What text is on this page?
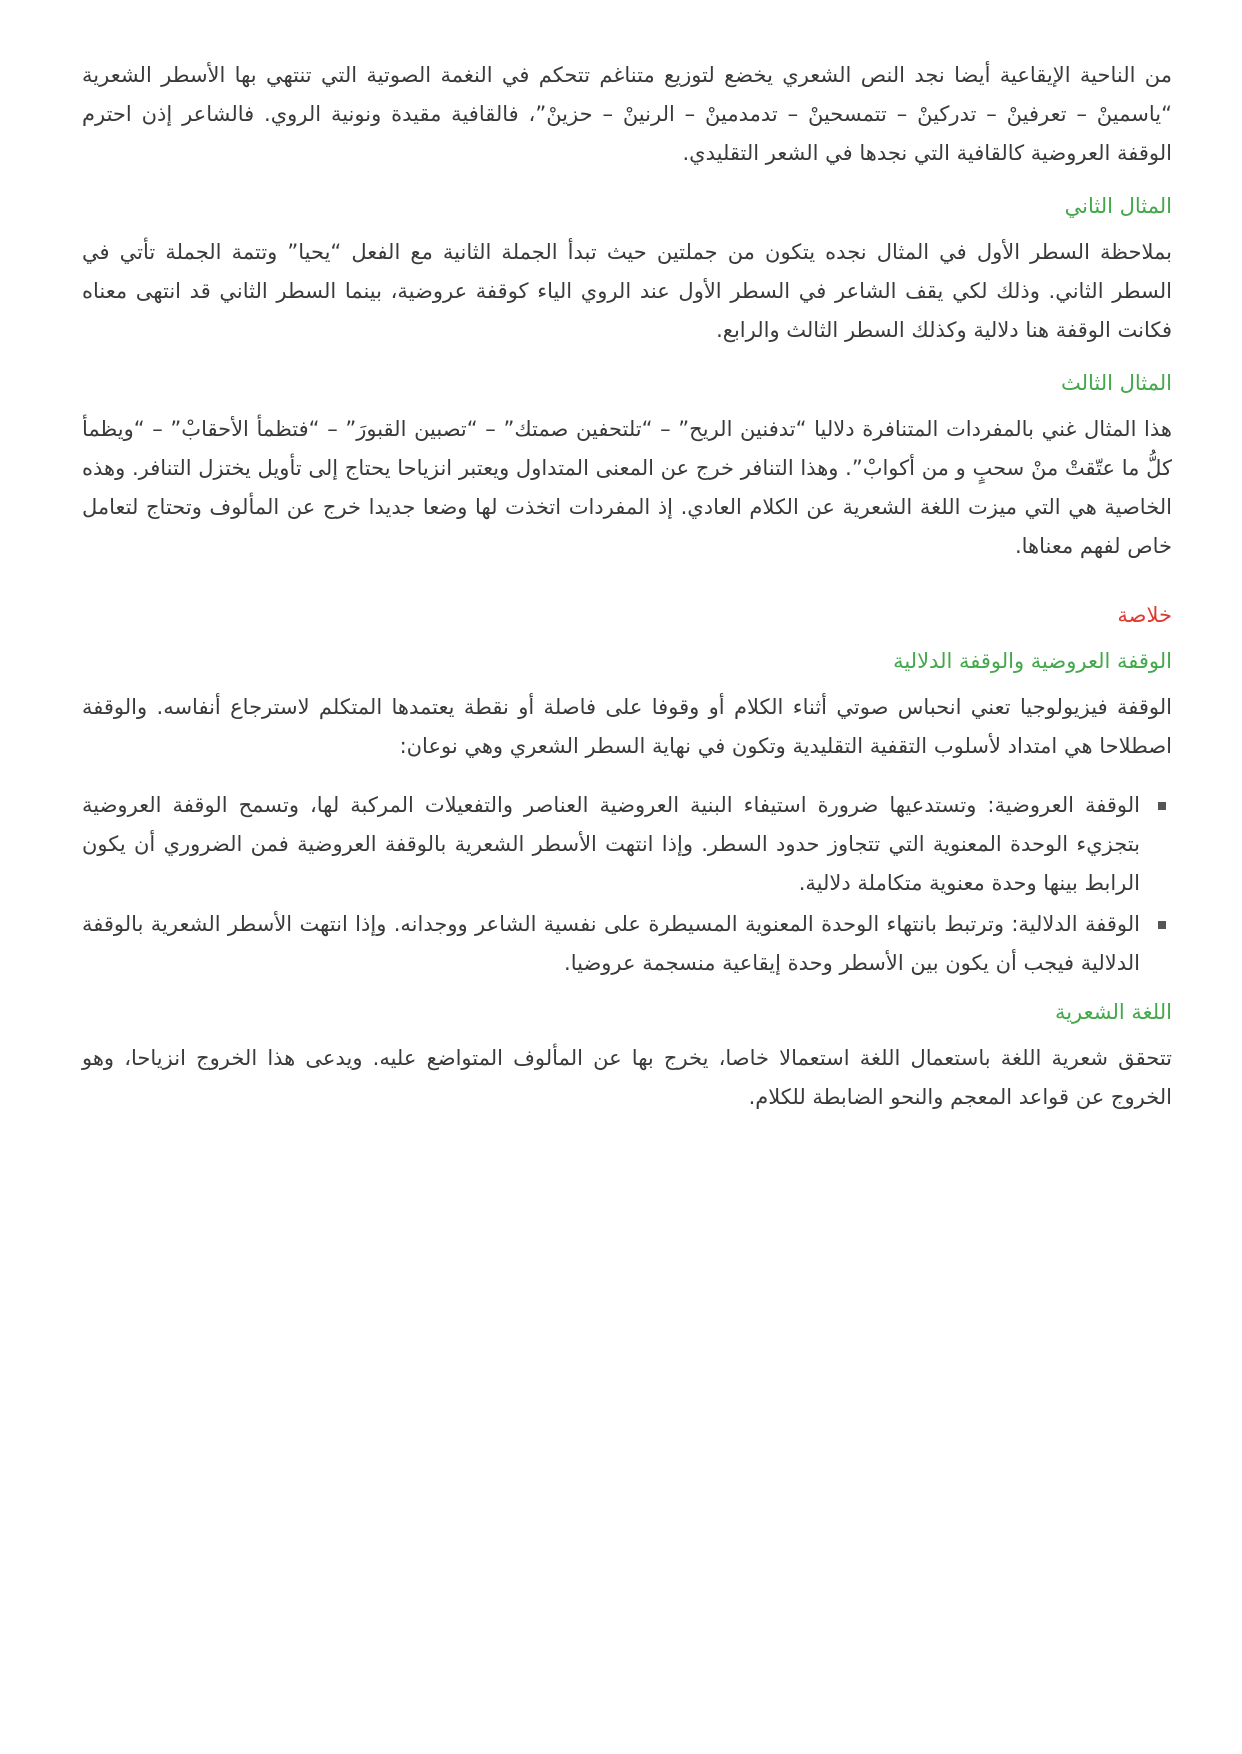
من الناحية الإيقاعية أيضا نجد النص الشعري يخضع لتوزيع متناغم تتحكم في النغمة الصوتية التي تنتهي بها الأسطر الشعرية “ياسمينْ – تعرفينْ – تدركينْ – تتمسحينْ – تدمدمينْ – الرنينْ – حزينْ”، فالقافية مقيدة ونونية الروي. فالشاعر إذن احترم الوقفة العروضية كالقافية التي نجدها في الشعر التقليدي.

المثال الثاني

بملاحظة السطر الأول في المثال نجده يتكون من جملتين حيث تبدأ الجملة الثانية مع الفعل “يحيا” وتتمة الجملة تأتي في السطر الثاني. وذلك لكي يقف الشاعر في السطر الأول عند الروي الياء كوقفة عروضية، بينما السطر الثاني قد انتهى معناه فكانت الوقفة هنا دلالية وكذلك السطر الثالث والرابع.

المثال الثالث

هذا المثال غني بالمفردات المتنافرة دلاليا “تدفنين الريح” – “تلتحفين صمتك” – “تصبين القبورَ” – “فتظمأ الأحقابْ” – “ويظمأ كلُّ ما عتّقتْ منْ سحبٍ و من أكوابْ”. وهذا التنافر خرج عن المعنى المتداول ويعتبر انزياحا يحتاج إلى تأويل يختزل التنافر. وهذه الخاصية هي التي ميزت اللغة الشعرية عن الكلام العادي. إذ المفردات اتخذت لها وضعا جديدا خرج عن المألوف وتحتاج لتعامل خاص لفهم معناها.

خلاصة
الوقفة العروضية والوقفة الدلالية

الوقفة فيزيولوجيا تعني انحباس صوتي أثناء الكلام أو وقوفا على فاصلة أو نقطة يعتمدها المتكلم لاسترجاع أنفاسه. والوقفة اصطلاحا هي امتداد لأسلوب التقفية التقليدية وتكون في نهاية السطر الشعري وهي نوعان:

الوقفة العروضية: وتستدعيها ضرورة استيفاء البنية العروضية العناصر والتفعيلات المركبة لها، وتسمح الوقفة العروضية بتجزيء الوحدة المعنوية التي تتجاوز حدود السطر. وإذا انتهت الأسطر الشعرية بالوقفة العروضية فمن الضروري أن يكون الرابط بينها وحدة معنوية متكاملة دلالية.
الوقفة الدلالية: وترتبط بانتهاء الوحدة المعنوية المسيطرة على نفسية الشاعر ووجدانه. وإذا انتهت الأسطر الشعرية بالوقفة الدلالية فيجب أن يكون بين الأسطر وحدة إيقاعية منسجمة عروضيا.
اللغة الشعرية

تتحقق شعرية اللغة باستعمال اللغة استعمالا خاصا، يخرج بها عن المألوف المتواضع عليه. ويدعى هذا الخروج انزياحا، وهو الخروج عن قواعد المعجم والنحو الضابطة للكلام.
